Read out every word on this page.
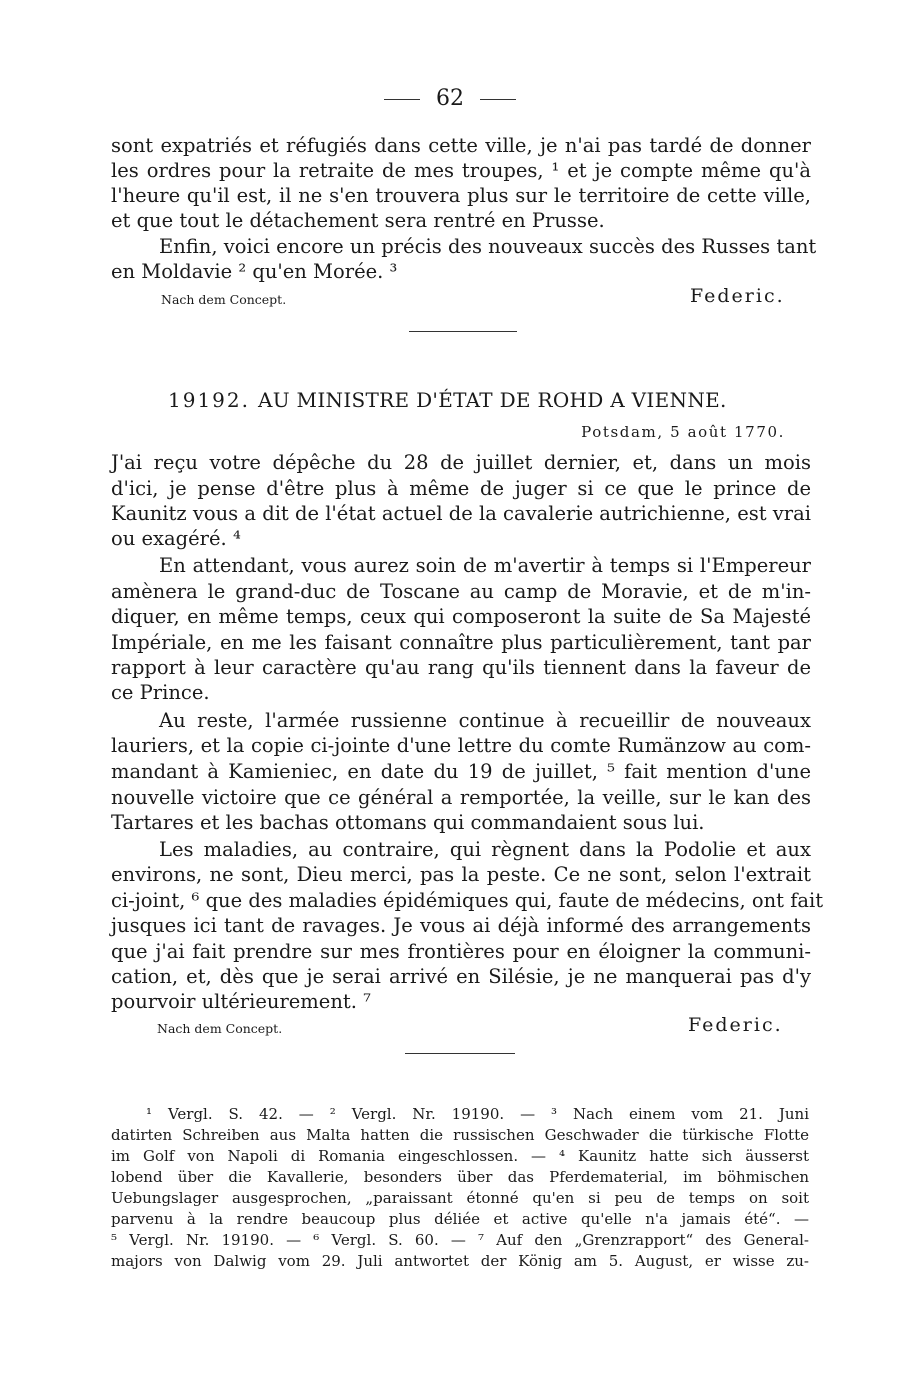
62
sont expatriés et réfugiés dans cette ville, je n'ai pas tardé de donner
les ordres pour la retraite de mes troupes, ¹ et je compte même qu'à
l'heure qu'il est, il ne s'en trouvera plus sur le territoire de cette ville,
et que tout le détachement sera rentré en Prusse.
Enfin, voici encore un précis des nouveaux succès des Russes tant
en Moldavie ² qu'en Morée. ³
Nach dem Concept.	Federic.
19192. AU MINISTRE D'ÉTAT DE ROHD A VIENNE.
Potsdam, 5 août 1770.
J'ai reçu votre dépêche du 28 de juillet dernier, et, dans un mois
d'ici, je pense d'être plus à même de juger si ce que le prince de
Kaunitz vous a dit de l'état actuel de la cavalerie autrichienne, est vrai
ou exagéré. ⁴
En attendant, vous aurez soin de m'avertir à temps si l'Empereur
amènera le grand-duc de Toscane au camp de Moravie, et de m'in-
diquer, en même temps, ceux qui composeront la suite de Sa Majesté
Impériale, en me les faisant connaître plus particulièrement, tant par
rapport à leur caractère qu'au rang qu'ils tiennent dans la faveur de
ce Prince.
Au reste, l'armée russienne continue à recueillir de nouveaux
lauriers, et la copie ci-jointe d'une lettre du comte Rumänzow au com-
mandant à Kamieniec, en date du 19 de juillet, ⁵ fait mention d'une
nouvelle victoire que ce général a remportée, la veille, sur le kan des
Tartares et les bachas ottomans qui commandaient sous lui.
Les maladies, au contraire, qui règnent dans la Podolie et aux
environs, ne sont, Dieu merci, pas la peste. Ce ne sont, selon l'extrait
ci-joint, ⁶ que des maladies épidémiques qui, faute de médecins, ont fait
jusques ici tant de ravages. Je vous ai déjà informé des arrangements
que j'ai fait prendre sur mes frontières pour en éloigner la communi-
cation, et, dès que je serai arrivé en Silésie, je ne manquerai pas d'y
pourvoir ultérieurement. ⁷
Nach dem Concept.	Federic.
¹ Vergl. S. 42. — ² Vergl. Nr. 19190. — ³ Nach einem vom 21. Juni
datirten Schreiben aus Malta hatten die russischen Geschwader die türkische Flotte
im Golf von Napoli di Romania eingeschlossen. — ⁴ Kaunitz hatte sich äusserst
lobend über die Kavallerie, besonders über das Pferdematerial, im böhmischen
Uebungslager ausgesprochen, „paraissant étonné qu'en si peu de temps on soit
parvenu à la rendre beaucoup plus déliée et active qu'elle n'a jamais été“. —
⁵ Vergl. Nr. 19190. — ⁶ Vergl. S. 60. — ⁷ Auf den „Grenzrapport“ des General-
majors von Dalwig vom 29. Juli antwortet der König am 5. August, er wisse zu-
